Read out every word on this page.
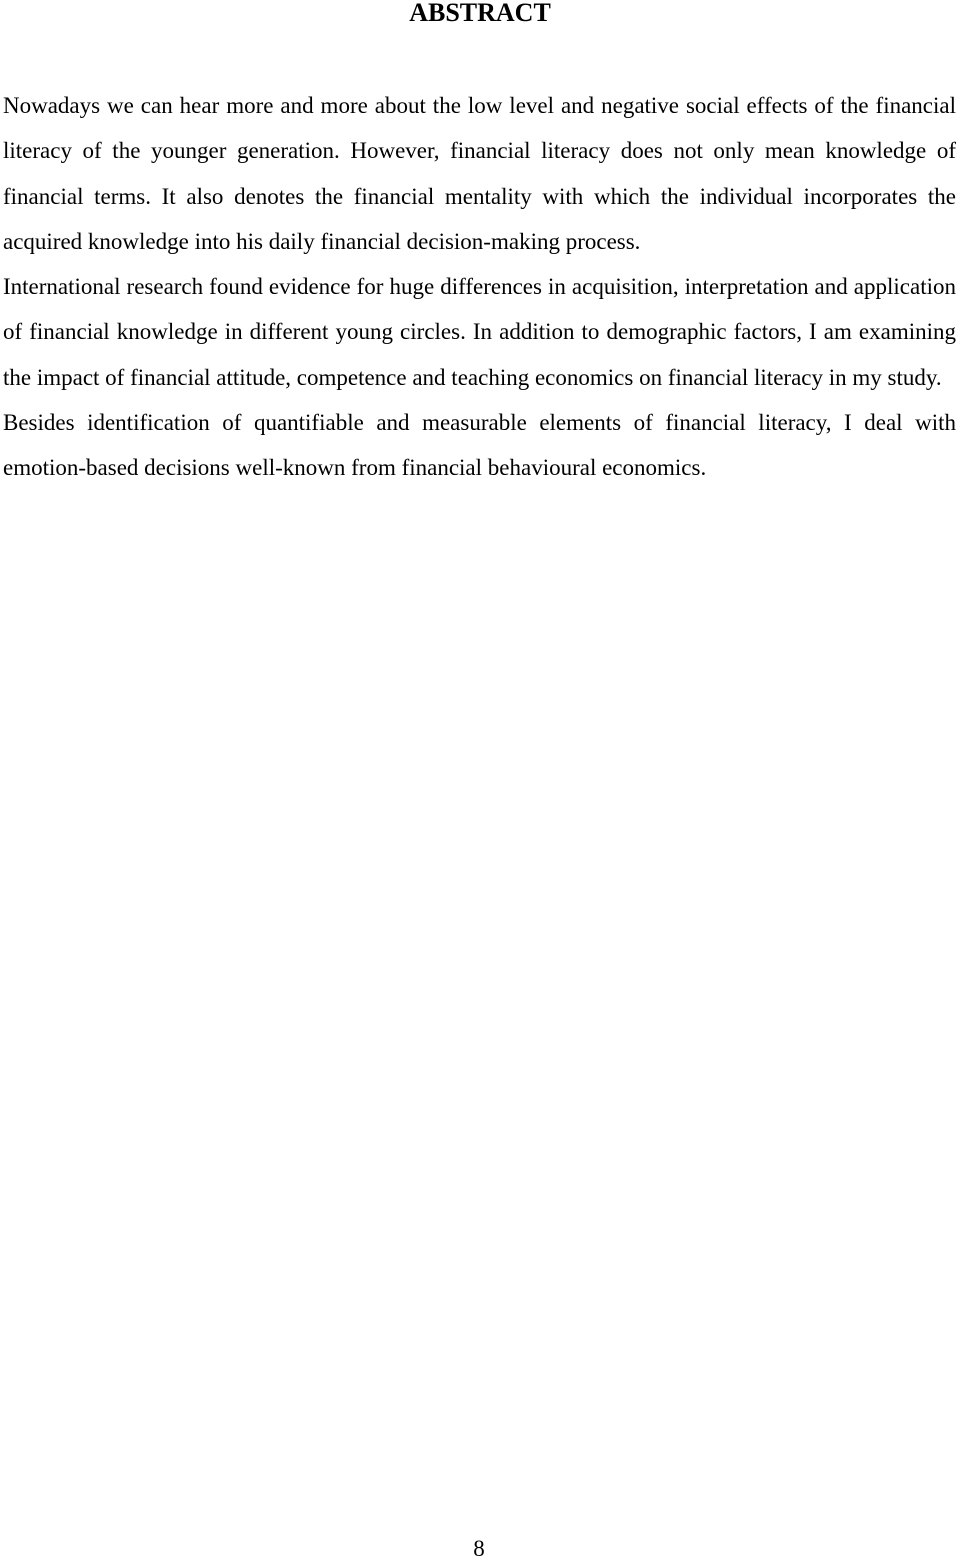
ABSTRACT

Nowadays we can hear more and more about the low level and negative social effects of the financial literacy of the younger generation. However, financial literacy does not only mean knowledge of financial terms. It also denotes the financial mentality with which the individual incorporates the acquired knowledge into his daily financial decision-making process.

International research found evidence for huge differences in acquisition, interpretation and application of financial knowledge in different young circles. In addition to demographic factors, I am examining the impact of financial attitude, competence and teaching economics on financial literacy in my study.

Besides identification of quantifiable and measurable elements of financial literacy, I deal with emotion-based decisions well-known from financial behavioural economics.

8
